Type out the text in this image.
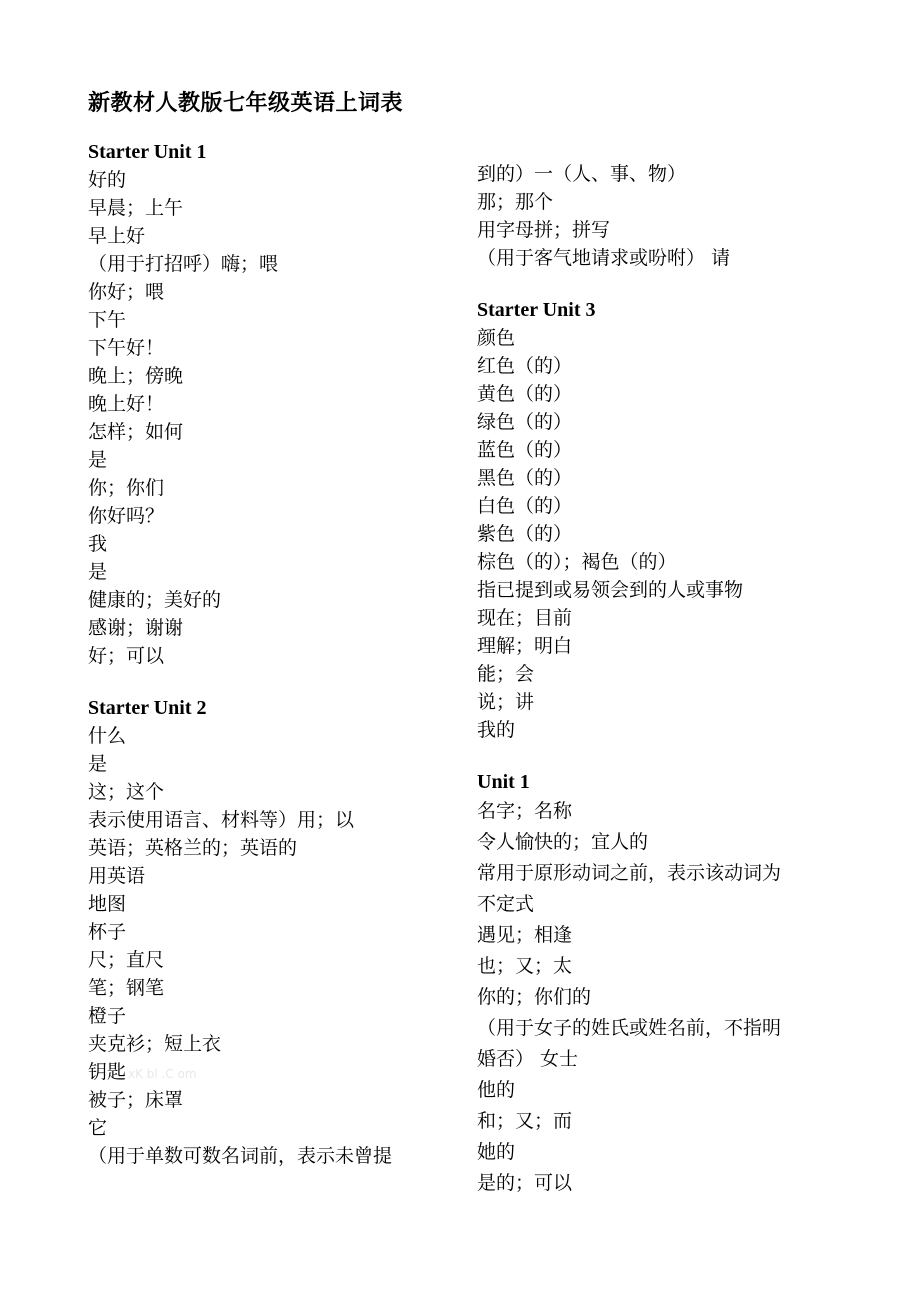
新教材人教版七年级英语上词表
Starter Unit 1
好的
早晨；上午
早上好
（用于打招呼）嗨；喂
你好；喂
下午
下午好！
晚上；傍晚
晚上好！
怎样；如何
是
你；你们
你好吗？
我
是
健康的；美好的
感谢；谢谢
好；可以
Starter Unit 2
什么
是
这；这个
表示使用语言、材料等）用；以
英语；英格兰的；英语的
用英语
地图
杯子
尺；直尺
笔；钢笔
橙子
夹克衫；短上衣
钥匙 xK bl .C om
被子；床罩
它
（用于单数可数名词前，表示未曾提
到的）一（人、事、物）
那；那个
用字母拼；拼写
（用于客气地请求或吩咐） 请
Starter Unit 3
颜色
红色（的）
黄色（的）
绿色（的）
蓝色（的）
黑色（的）
白色（的）
紫色（的）
棕色（的）；褐色（的）
指已提到或易领会到的人或事物
现在；目前
理解；明白
能；会
说；讲
我的
Unit 1
名字；名称
令人愉快的；宜人的
常用于原形动词之前，表示该动词为
不定式
遇见；相逢
也；又；太
你的；你们的
（用于女子的姓氏或姓名前，不指明
婚否） 女士
他的
和；又；而
她的
是的；可以
